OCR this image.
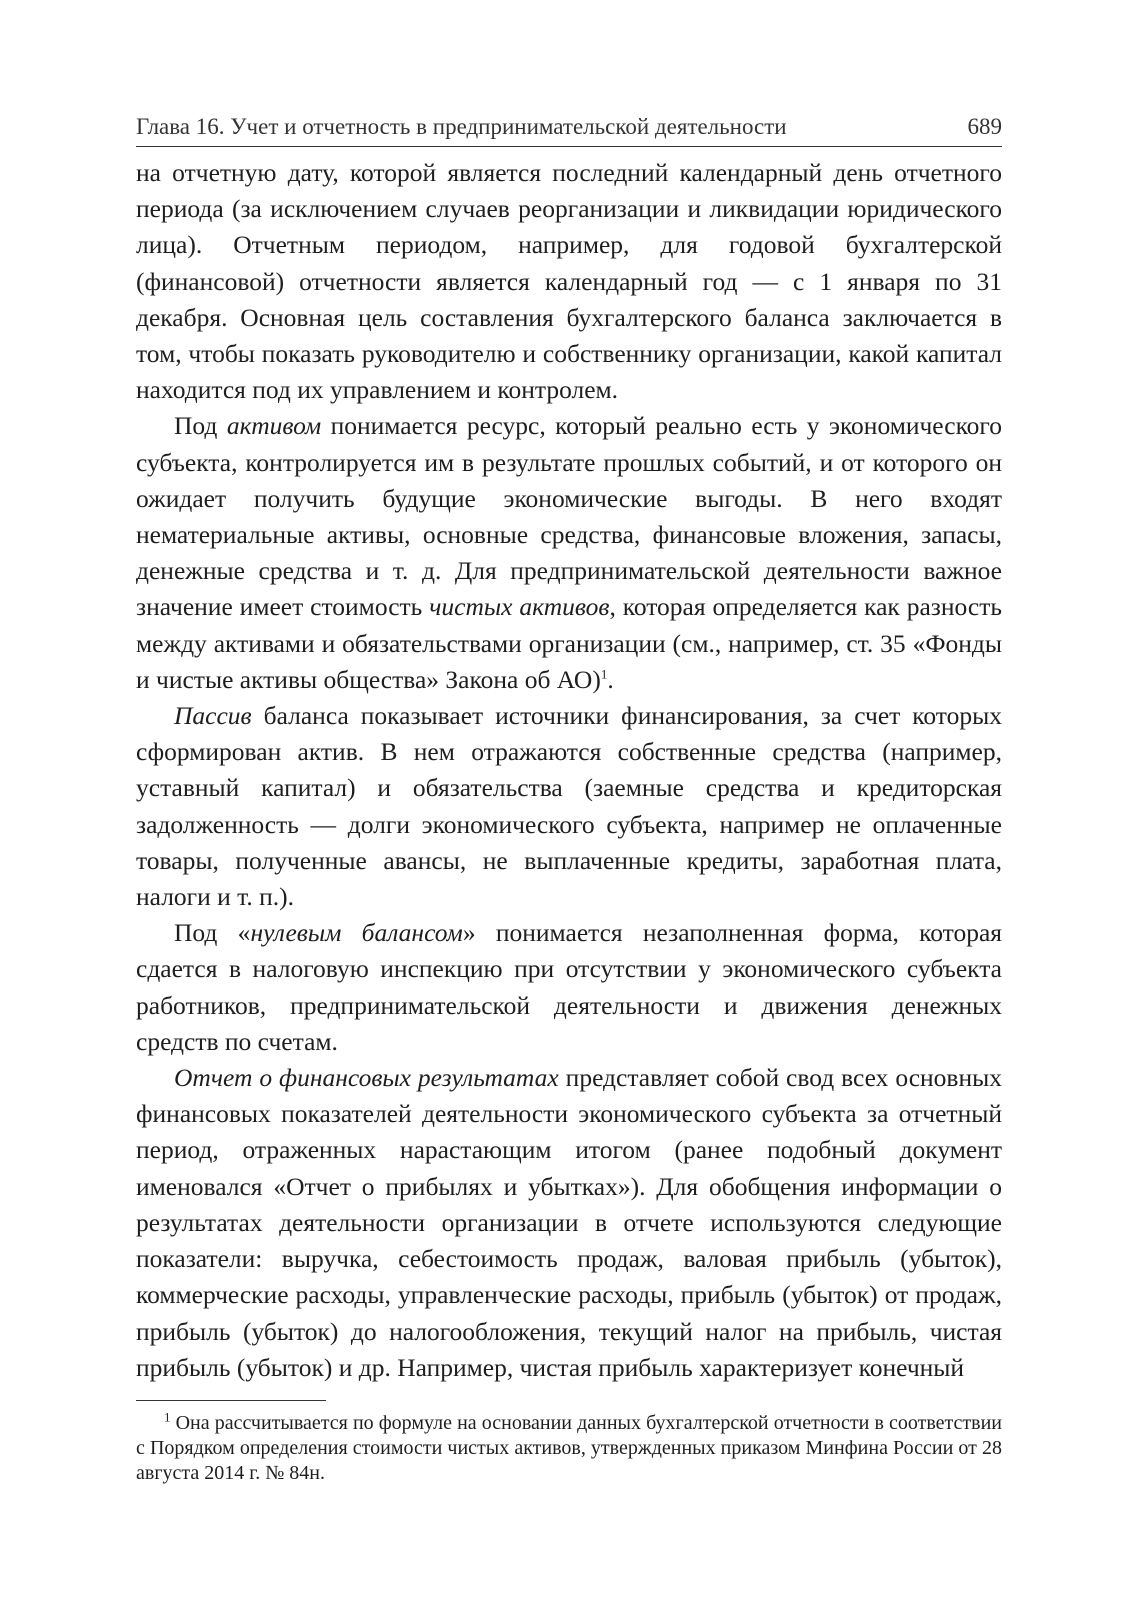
Глава 16. Учет и отчетность в предпринимательской деятельности	689

на отчетную дату, которой является последний календарный день отчетного периода (за исключением случаев реорганизации и ликвидации юридического лица). Отчетным периодом, например, для годовой бухгалтерской (финансовой) отчетности является календарный год — с 1 января по 31 декабря. Основная цель составления бухгалтерского баланса заключается в том, чтобы показать руководителю и собственнику организации, какой капитал находится под их управлением и контролем.

Под активом понимается ресурс, который реально есть у экономического субъекта, контролируется им в результате прошлых событий, и от которого он ожидает получить будущие экономические выгоды. В него входят нематериальные активы, основные средства, финансовые вложения, запасы, денежные средства и т. д. Для предпринимательской деятельности важное значение имеет стоимость чистых активов, которая определяется как разность между активами и обязательствами организации (см., например, ст. 35 «Фонды и чистые активы общества» Закона об АО)$^1$.

Пассив баланса показывает источники финансирования, за счет которых сформирован актив. В нем отражаются собственные средства (например, уставный капитал) и обязательства (заемные средства и кредиторская задолженность — долги экономического субъекта, например не оплаченные товары, полученные авансы, не выплаченные кредиты, заработная плата, налоги и т. п.).

Под «нулевым балансом» понимается незаполненная форма, которая сдается в налоговую инспекцию при отсутствии у экономического субъекта работников, предпринимательской деятельности и движения денежных средств по счетам.

Отчет о финансовых результатах представляет собой свод всех основных финансовых показателей деятельности экономического субъекта за отчетный период, отраженных нарастающим итогом (ранее подобный документ именовался «Отчет о прибылях и убытках»). Для обобщения информации о результатах деятельности организации в отчете используются следующие показатели: выручка, себестоимость продаж, валовая прибыль (убыток), коммерческие расходы, управленческие расходы, прибыль (убыток) от продаж, прибыль (убыток) до налогообложения, текущий налог на прибыль, чистая прибыль (убыток) и др. Например, чистая прибыль характеризует конечный

$^1$ Она рассчитывается по формуле на основании данных бухгалтерской отчетности в соответствии с Порядком определения стоимости чистых активов, утвержденных приказом Минфина России от 28 августа 2014 г. № 84н.
